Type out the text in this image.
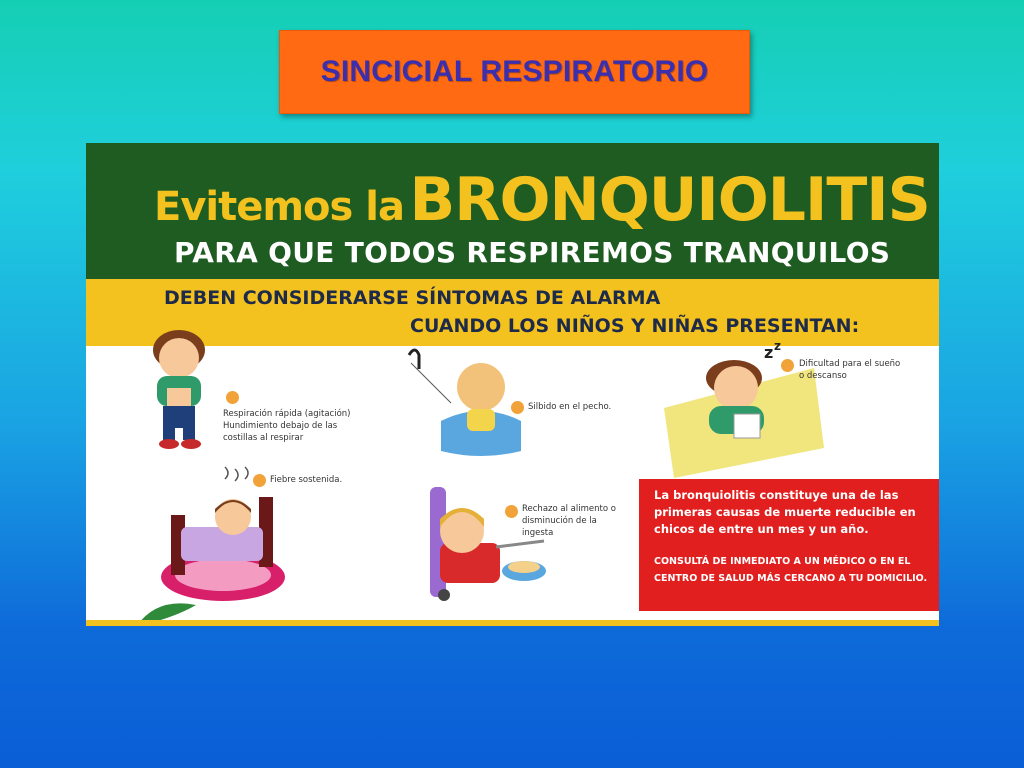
SINCICIAL RESPIRATORIO
Evitemos la BRONQUIOLITIS
PARA QUE TODOS RESPIREMOS TRANQUILOS
DEBEN CONSIDERARSE SÍNTOMAS DE ALARMA
CUANDO LOS NIÑOS Y NIÑAS PRESENTAN:
Respiración rápida (agitación)
Hundimiento debajo de las
costillas al respirar
Silbido en el pecho.
z z
Dificultad para el sueño
o descanso
Fiebre sostenida.
Rechazo al alimento o
disminución de la
ingesta
La bronquiolitis constituye una de las primeras causas de muerte reducible en chicos de entre un mes y un año.
CONSULTÁ DE INMEDIATO A UN MÉDICO O EN EL CENTRO DE SALUD MÁS CERCANO A TU DOMICILIO.
